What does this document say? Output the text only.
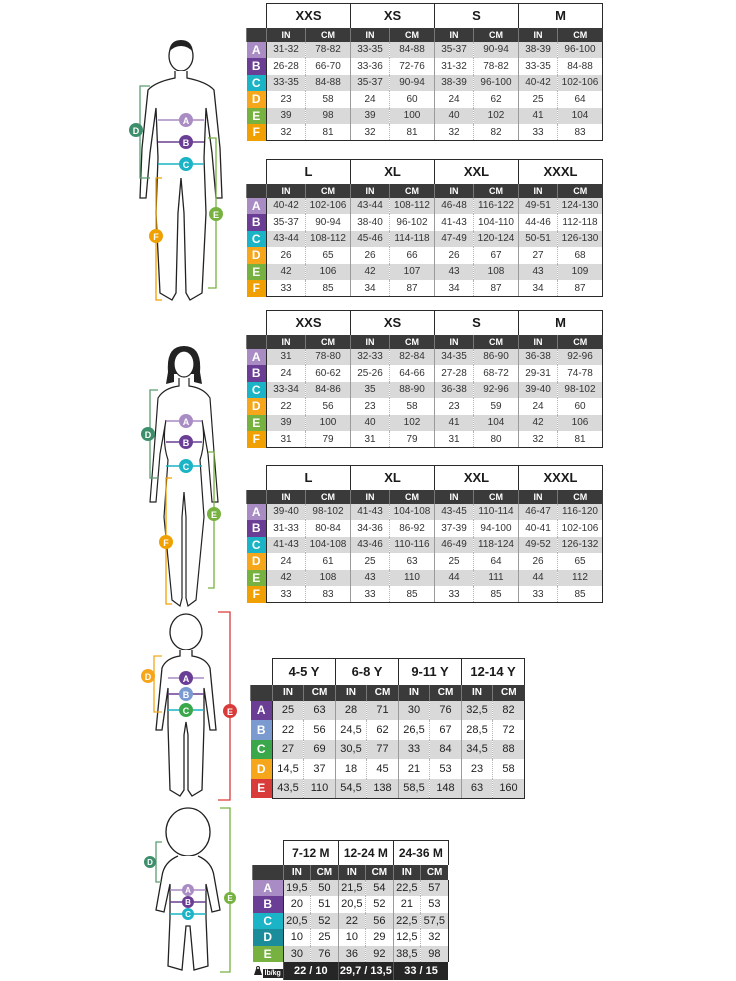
A
B
C
D
E
F
	XXS		XS		S		M	
	IN	CM	IN	CM	IN	CM	IN	CM
A	31-32	78-82	33-35	84-88	35-37	90-94	38-39	96-100
B	26-28	66-70	33-36	72-76	31-32	78-82	33-35	84-88
C	33-35	84-88	35-37	90-94	38-39	96-100	40-42	102-106
D	23	58	24	60	24	62	25	64
E	39	98	39	100	40	102	41	104
F	32	81	32	81	32	82	33	83
	L		XL		XXL		XXXL	
	IN	CM	IN	CM	IN	CM	IN	CM
A	40-42	102-106	43-44	108-112	46-48	116-122	49-51	124-130
B	35-37	90-94	38-40	96-102	41-43	104-110	44-46	112-118
C	43-44	108-112	45-46	114-118	47-49	120-124	50-51	126-130
D	26	65	26	66	26	67	27	68
E	42	106	42	107	43	108	43	109
F	33	85	34	87	34	87	34	87
A
B
C
D
E
F
	XXS		XS		S		M	
	IN	CM	IN	CM	IN	CM	IN	CM
A	31	78-80	32-33	82-84	34-35	86-90	36-38	92-96
B	24	60-62	25-26	64-66	27-28	68-72	29-31	74-78
C	33-34	84-86	35	88-90	36-38	92-96	39-40	98-102
D	22	56	23	58	23	59	24	60
E	39	100	40	102	41	104	42	106
F	31	79	31	79	31	80	32	81
	L		XL		XXL		XXXL	
	IN	CM	IN	CM	IN	CM	IN	CM
A	39-40	98-102	41-43	104-108	43-45	110-114	46-47	116-120
B	31-33	80-84	34-36	86-92	37-39	94-100	40-41	102-106
C	41-43	104-108	43-46	110-116	46-49	118-124	49-52	126-132
D	24	61	25	63	25	64	26	65
E	42	108	43	110	44	111	44	112
F	33	83	33	85	33	85	33	85
A
B
C
D
E
	4-5 Y		6-8 Y		9-11 Y		12-14 Y	
	IN	CM	IN	CM	IN	CM	IN	CM
A	25	63	28	71	30	76	32,5	82
B	22	56	24,5	62	26,5	67	28,5	72
C	27	69	30,5	77	33	84	34,5	88
D	14,5	37	18	45	21	53	23	58
E	43,5	110	54,5	138	58,5	148	63	160
A
B
C
D
E
	7-12 M		12-24 M		24-36 M	
	IN	CM	IN	CM	IN	CM
A	19,5	50	21,5	54	22,5	57
B	20	51	20,5	52	21	53
C	20,5	52	22	56	22,5	57,5
D	10	25	10	29	12,5	32
E	30	76	36	92	38,5	98
lb/kg	22 / 10		29,7 / 13,5		33 / 15	
